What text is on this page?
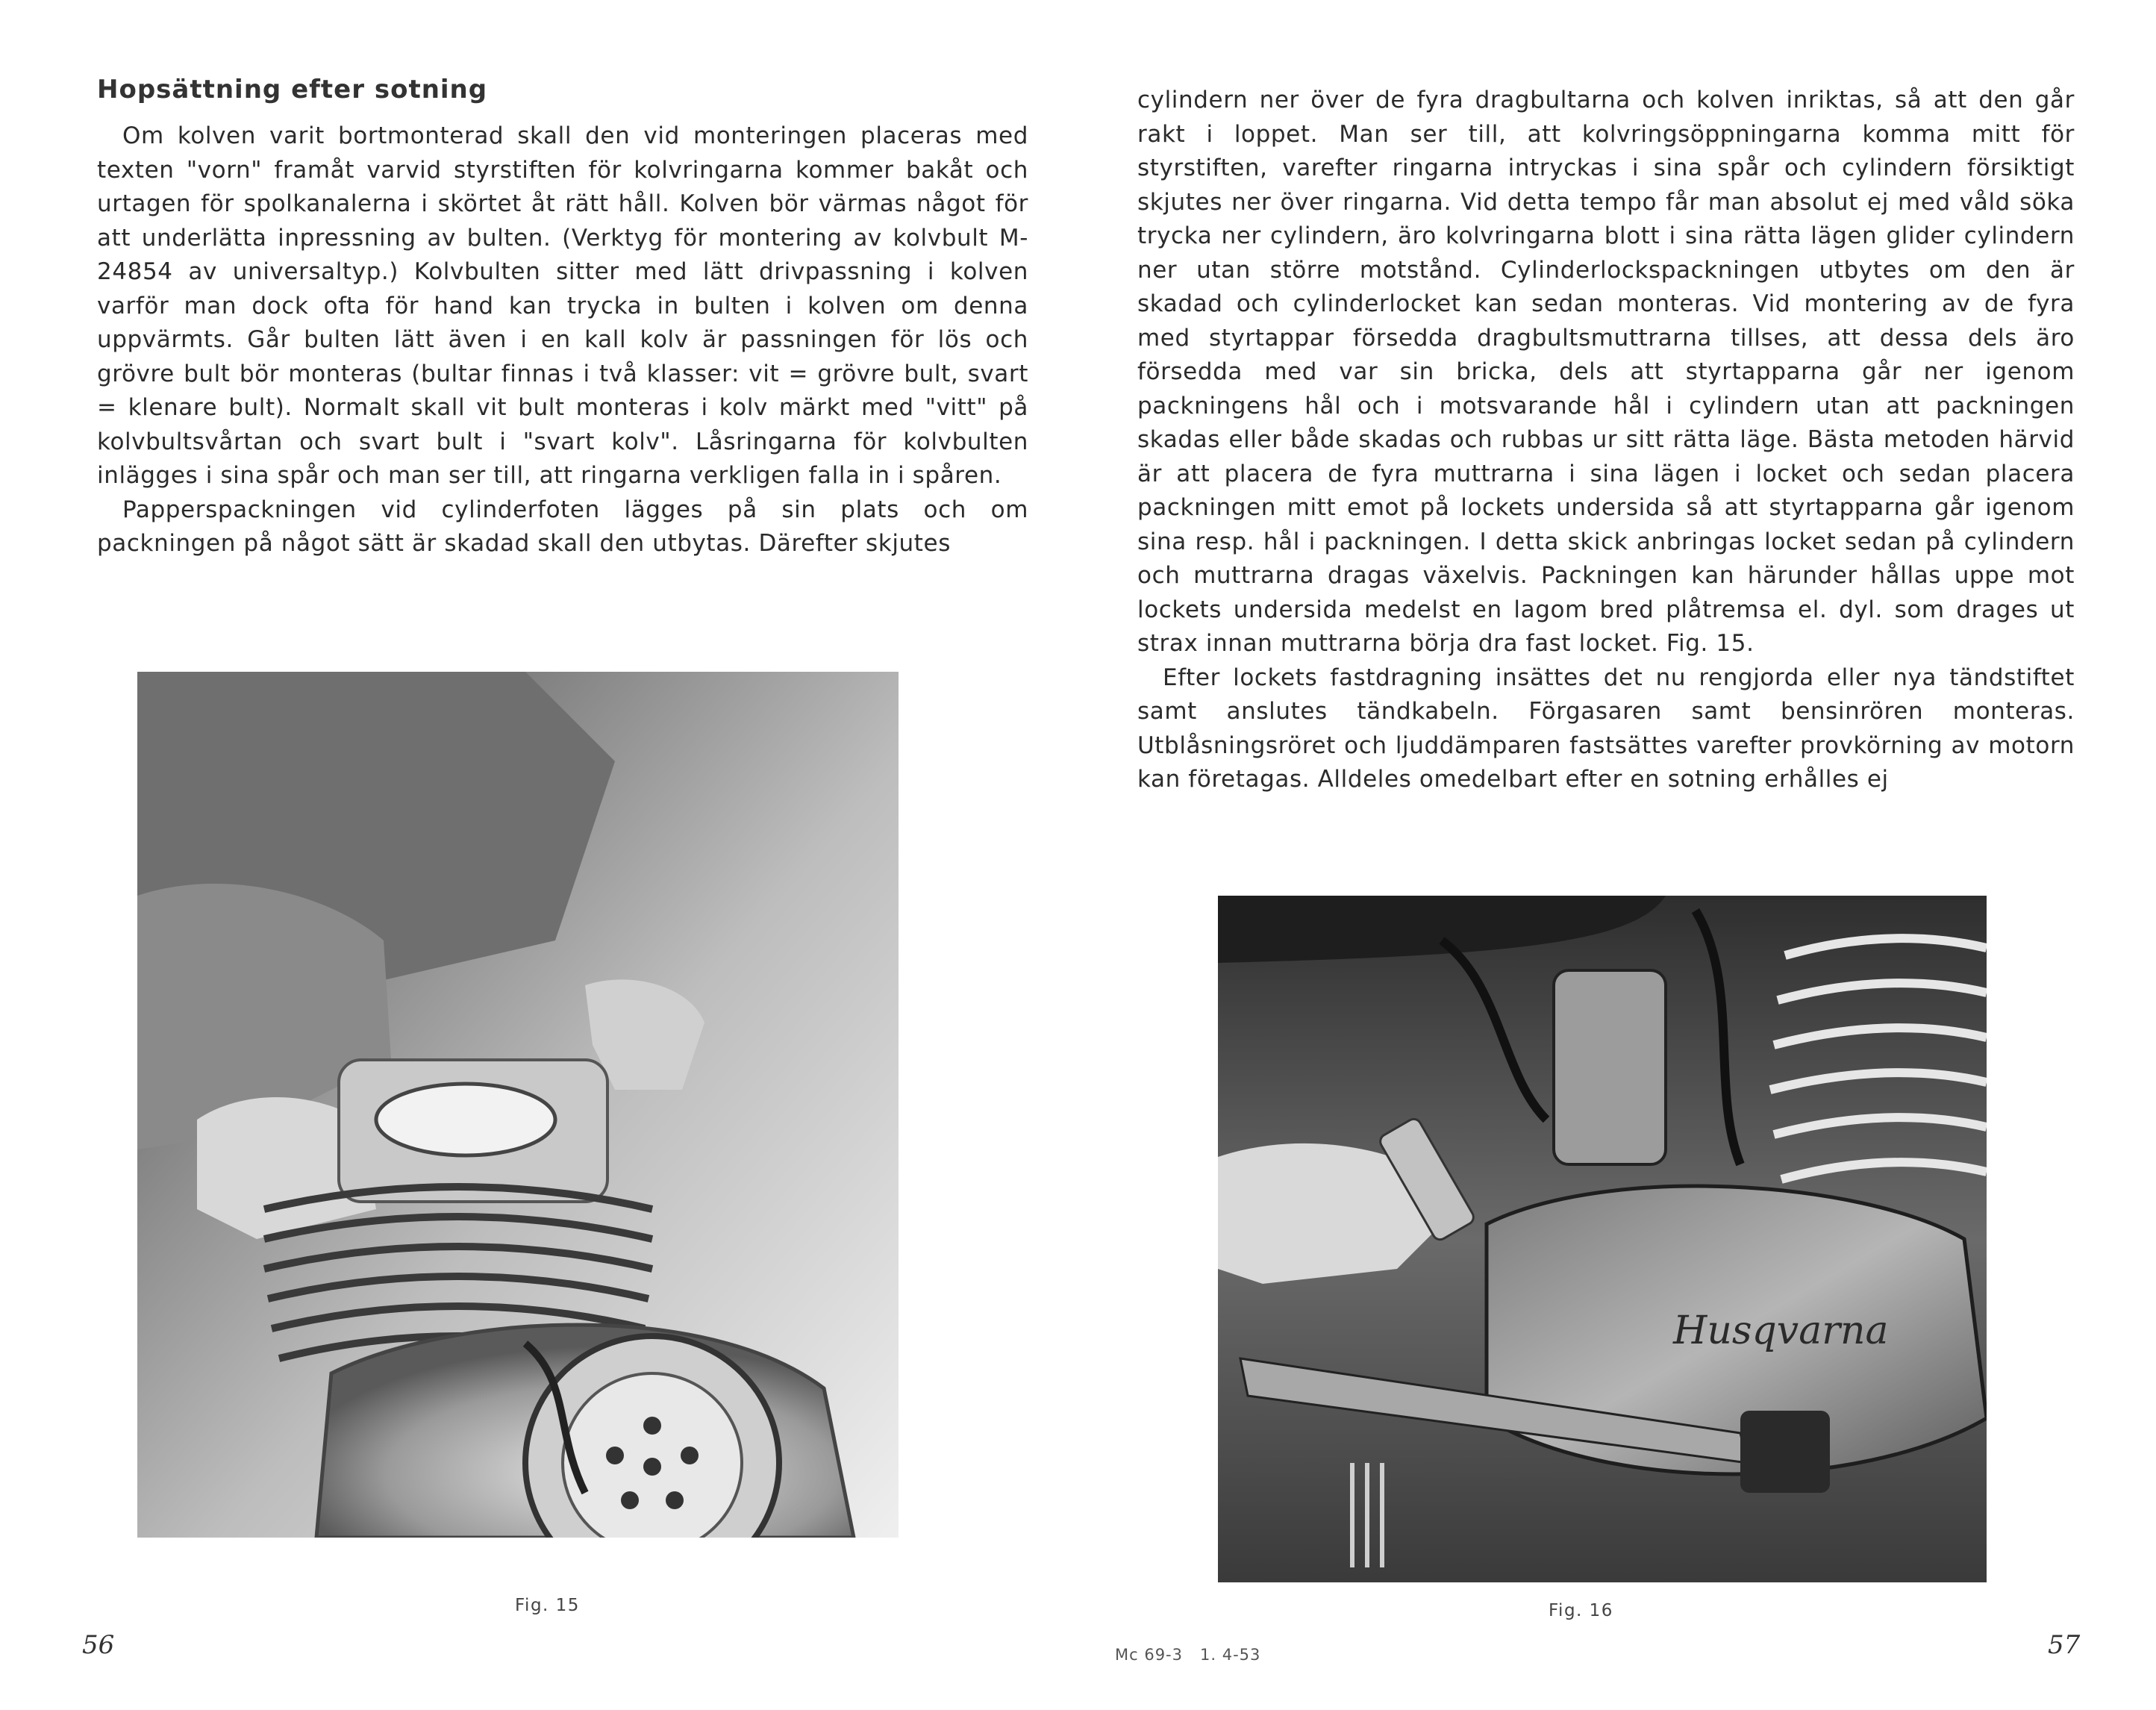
Hopsättning efter sotning

Om kolven varit bortmonterad skall den vid monteringen placeras med texten "vorn" framåt varvid styrstiften för kolvringarna kommer bakåt och urtagen för spolkanalerna i skörtet åt rätt håll. Kolven bör värmas något för att underlätta inpressning av bulten. (Verktyg för montering av kolvbult M-24854 av universaltyp.) Kolvbulten sitter med lätt drivpassning i kolven varför man dock ofta för hand kan trycka in bulten i kolven om denna uppvärmts. Går bulten lätt även i en kall kolv är passningen för lös och grövre bult bör monteras (bultar finnas i två klasser: vit = grövre bult, svart = klenare bult). Normalt skall vit bult monteras i kolv märkt med "vitt" på kolvbultsvårtan och svart bult i "svart kolv". Låsringarna för kolvbulten inlägges i sina spår och man ser till, att ringarna verkligen falla in i spåren.

Papperspackningen vid cylinderfoten lägges på sin plats och om packningen på något sätt är skadad skall den utbytas. Därefter skjutes

Fig. 15
56

cylindern ner över de fyra dragbultarna och kolven inriktas, så att den går rakt i loppet. Man ser till, att kolvringsöppningarna komma mitt för styrstiften, varefter ringarna intryckas i sina spår och cylindern försiktigt skjutes ner över ringarna. Vid detta tempo får man absolut ej med våld söka trycka ner cylindern, äro kolvringarna blott i sina rätta lägen glider cylindern ner utan större motstånd. Cylinderlockspackningen utbytes om den är skadad och cylinderlocket kan sedan monteras. Vid montering av de fyra med styrtappar försedda dragbultsmuttrarna tillses, att dessa dels äro försedda med var sin bricka, dels att styrtapparna går ner igenom packningens hål och i motsvarande hål i cylindern utan att packningen skadas eller både skadas och rubbas ur sitt rätta läge. Bästa metoden härvid är att placera de fyra muttrarna i sina lägen i locket och sedan placera packningen mitt emot på lockets undersida så att styrtapparna går igenom sina resp. hål i packningen. I detta skick anbringas locket sedan på cylindern och muttrarna dragas växelvis. Packningen kan härunder hållas uppe mot lockets undersida medelst en lagom bred plåtremsa el. dyl. som drages ut strax innan muttrarna börja dra fast locket. Fig. 15.

Efter lockets fastdragning insättes det nu rengjorda eller nya tändstiftet samt anslutes tändkabeln. Förgasaren samt bensinrören monteras. Utblåsningsröret och ljuddämparen fastsättes varefter provkörning av motorn kan företagas. Alldeles omedelbart efter en sotning erhålles ej

Husqvarna
Fig. 16
Mc 69-3   1. 4-53	57
